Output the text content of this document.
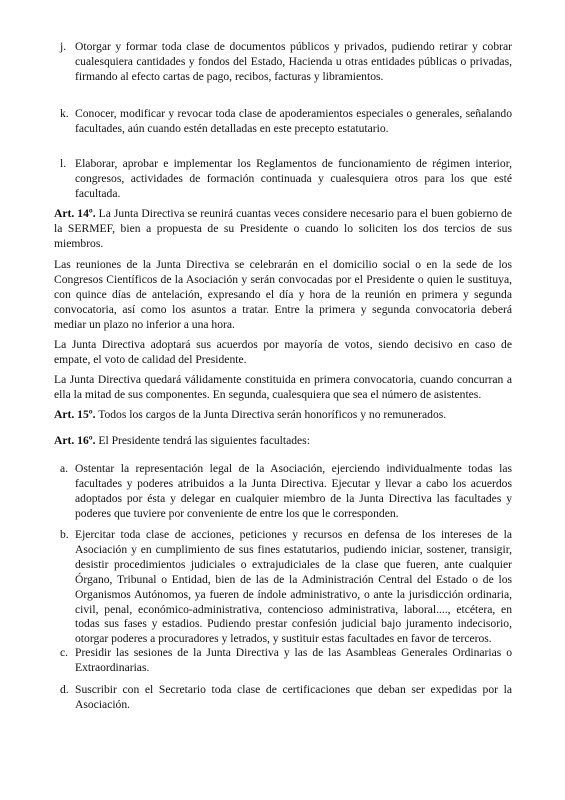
j. Otorgar y formar toda clase de documentos públicos y privados, pudiendo retirar y cobrar cualesquiera cantidades y fondos del Estado, Hacienda u otras entidades públicas o privadas, firmando al efecto cartas de pago, recibos, facturas y libramientos.
k. Conocer, modificar y revocar toda clase de apoderamientos especiales o generales, señalando facultades, aún cuando estén detalladas en este precepto estatutario.
l. Elaborar, aprobar e implementar los Reglamentos de funcionamiento de régimen interior, congresos, actividades de formación continuada y cualesquiera otros para los que esté facultada.

Art. 14º. La Junta Directiva se reunirá cuantas veces considere necesario para el buen gobierno de la SERMEF, bien a propuesta de su Presidente o cuando lo soliciten los dos tercios de sus miembros.

Las reuniones de la Junta Directiva se celebrarán en el domicilio social o en la sede de los Congresos Científicos de la Asociación y serán convocadas por el Presidente o quien le sustituya, con quince días de antelación, expresando el día y hora de la reunión en primera y segunda convocatoria, así como los asuntos a tratar. Entre la primera y segunda convocatoria deberá mediar un plazo no inferior a una hora.

La Junta Directiva adoptará sus acuerdos por mayoría de votos, siendo decisivo en caso de empate, el voto de calidad del Presidente.

La Junta Directiva quedará válidamente constituida en primera convocatoria, cuando concurran a ella la mitad de sus componentes. En segunda, cualesquiera que sea el número de asistentes.

Art. 15º. Todos los cargos de la Junta Directiva serán honoríficos y no remunerados.

Art. 16º. El Presidente tendrá las siguientes facultades:

a. Ostentar la representación legal de la Asociación, ejerciendo individualmente todas las facultades y poderes atribuidos a la Junta Directiva. Ejecutar y llevar a cabo los acuerdos adoptados por ésta y delegar en cualquier miembro de la Junta Directiva las facultades y poderes que tuviere por conveniente de entre los que le corresponden.
b. Ejercitar toda clase de acciones, peticiones y recursos en defensa de los intereses de la Asociación y en cumplimiento de sus fines estatutarios, pudiendo iniciar, sostener, transigir, desistir procedimientos judiciales o extrajudiciales de la clase que fueren, ante cualquier Órgano, Tribunal o Entidad, bien de las de la Administración Central del Estado o de los Organismos Autónomos, ya fueren de índole administrativo, o ante la jurisdicción ordinaria, civil, penal, económico-administrativa, contencioso administrativa, laboral...., etcétera, en todas sus fases y estadios. Pudiendo prestar confesión judicial bajo juramento indecisorio, otorgar poderes a procuradores y letrados, y sustituir estas facultades en favor de terceros.
c. Presidir las sesiones de la Junta Directiva y las de las Asambleas Generales Ordinarias o Extraordinarias.
d. Suscribir con el Secretario toda clase de certificaciones que deban ser expedidas por la Asociación.
